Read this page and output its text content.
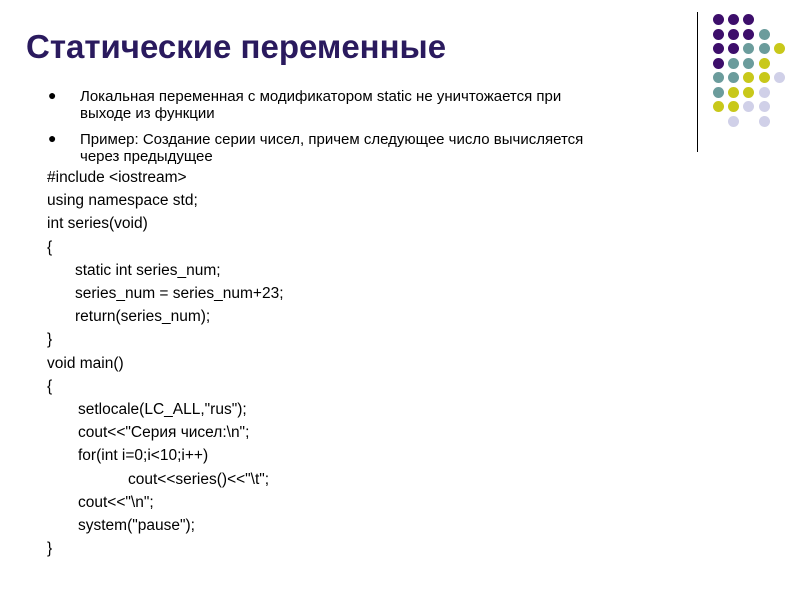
Статические переменные
● Локальная переменная с модификатором static не уничтожается при
выходе из функции
● Пример: Создание серии чисел, причем следующее число вычисляется
через предыдущее
#include <iostream>
using namespace std;
int series(void)
{
static int series_num;
series_num = series_num+23;
return(series_num);
}
void main()
{
setlocale(LC_ALL,"rus");
cout<<"Серия чисел:\n";
for(int i=0;i<10;i++)
cout<<series()<<"\t";
cout<<"\n";
system("pause");
}
